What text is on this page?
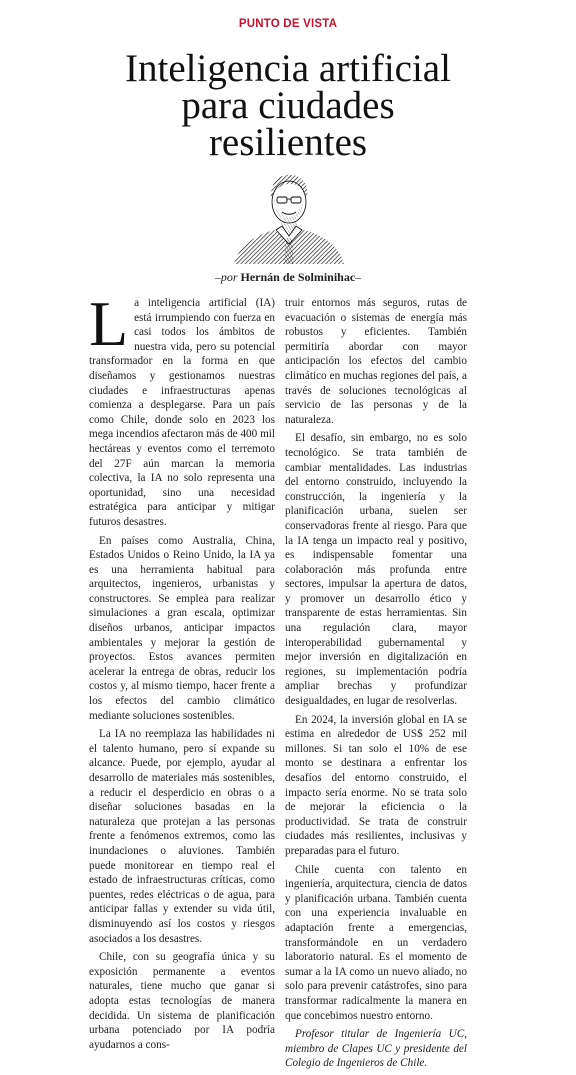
PUNTO DE VISTA
Inteligencia artificial
para ciudades
resilientes
–por Hernán de Solminihac–

La inteligencia artificial (IA) está irrumpiendo con fuerza en casi todos los ámbitos de nuestra vida, pero su potencial transformador en la forma en que diseñamos y gestionamos nuestras ciudades e infraestructuras apenas comienza a desplegarse. Para un país como Chile, donde solo en 2023 los mega incendios afectaron más de 400 mil hectáreas y eventos como el terremoto del 27F aún marcan la memoria colectiva, la IA no solo representa una oportunidad, sino una necesidad estratégica para anticipar y mitigar futuros desastres.

En países como Australia, China, Estados Unidos o Reino Unido, la IA ya es una herramienta habitual para arquitectos, ingenieros, urbanistas y constructores. Se emplea para realizar simulaciones a gran escala, optimizar diseños urbanos, anticipar impactos ambientales y mejorar la gestión de proyectos. Estos avances permiten acelerar la entrega de obras, reducir los costos y, al mismo tiempo, hacer frente a los efectos del cambio climático mediante soluciones sostenibles.

La IA no reemplaza las habilidades ni el talento humano, pero sí expande su alcance. Puede, por ejemplo, ayudar al desarrollo de materiales más sostenibles, a reducir el desperdicio en obras o a diseñar soluciones basadas en la naturaleza que protejan a las personas frente a fenómenos extremos, como las inundaciones o aluviones. También puede monitorear en tiempo real el estado de infraestructuras críticas, como puentes, redes eléctricas o de agua, para anticipar fallas y extender su vida útil, disminuyendo así los costos y riesgos asociados a los desastres.

Chile, con su geografía única y su exposición permanente a eventos naturales, tiene mucho que ganar si adopta estas tecnologías de manera decidida. Un sistema de planificación urbana potenciado por IA podría ayudarnos a cons-

truir entornos más seguros, rutas de evacuación o sistemas de energía más robustos y eficientes. También permitiría abordar con mayor anticipación los efectos del cambio climático en muchas regiones del país, a través de soluciones tecnológicas al servicio de las personas y de la naturaleza.

El desafío, sin embargo, no es solo tecnológico. Se trata también de cambiar mentalidades. Las industrias del entorno construido, incluyendo la construcción, la ingeniería y la planificación urbana, suelen ser conservadoras frente al riesgo. Para que la IA tenga un impacto real y positivo, es indispensable fomentar una colaboración más profunda entre sectores, impulsar la apertura de datos, y promover un desarrollo ético y transparente de estas herramientas. Sin una regulación clara, mayor interoperabilidad gubernamental y mejor inversión en digitalización en regiones, su implementación podría ampliar brechas y profundizar desigualdades, en lugar de resolverlas.

En 2024, la inversión global en IA se estima en alrededor de US$ 252 mil millones. Si tan solo el 10% de ese monto se destinara a enfrentar los desafíos del entorno construido, el impacto sería enorme. No se trata solo de mejorar la eficiencia o la productividad. Se trata de construir ciudades más resilientes, inclusivas y preparadas para el futuro.

Chile cuenta con talento en ingeniería, arquitectura, ciencia de datos y planificación urbana. También cuenta con una experiencia invaluable en adaptación frente a emergencias, transformándole en un verdadero laboratorio natural. Es el momento de sumar a la IA como un nuevo aliado, no solo para prevenir catástrofes, sino para transformar radicalmente la manera en que concebimos nuestro entorno.

Profesor titular de Ingeniería UC, miembro de Clapes UC y presidente del Colegio de Ingenieros de Chile.
